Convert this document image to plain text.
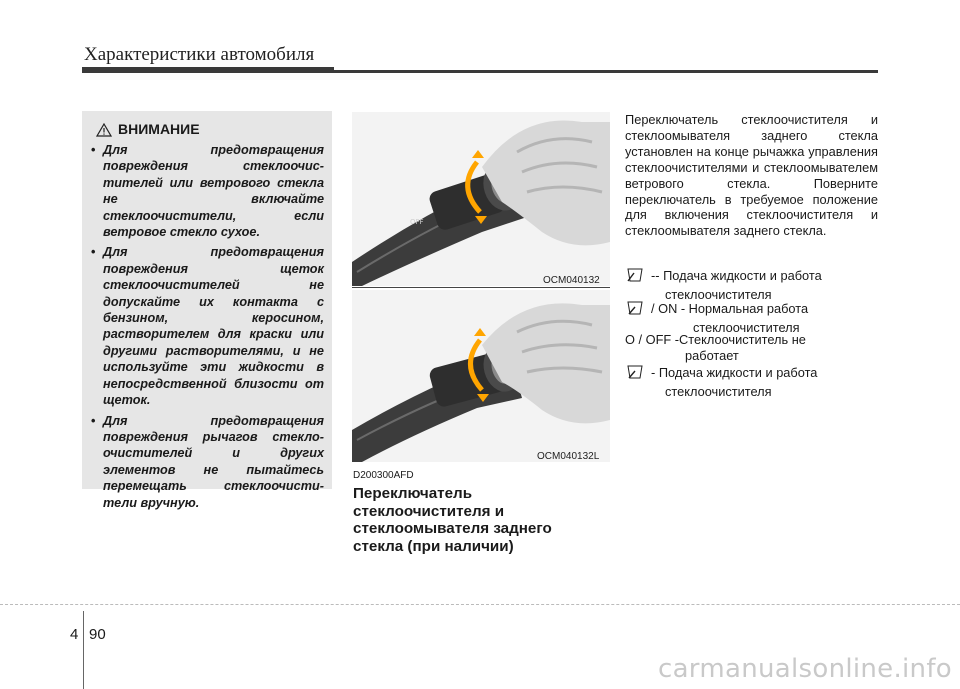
Характеристики автомобиля
ВНИМАНИЕ
• Для предотвращения повреждения стеклоочис-тителей или ветрового стекла не включайте стеклоочистители, если ветровое стекло сухое.
• Для предотвращения повреждения щеток стеклоочистителей не допускайте их контакта с бензином, керосином, растворителем для краски или другими растворителями, и не используйте эти жидкости в непосредственной близости от щеток.
• Для предотвращения повреждения рычагов стекло-очистителей и других элементов не пытайтесь перемещать стеклоочисти-тели вручную.
OFF
OCM040132
OCM040132L
D200300AFD
Переключатель стеклоочистителя и стеклоомывателя заднего стекла (при наличии)
Переключатель стеклоочистителя и стеклоомывателя заднего стекла установлен на конце рычажка управления стеклоочистителями и стеклоомывателем ветрового стекла. Поверните переключатель в требуемое положение для включения стеклоочистителя и стеклоомывателя заднего стекла.
-- Подача жидкости и работа
стеклоочистителя
/ ON - Нормальная работа
стеклоочистителя
O / OFF -Стеклоочиститель не
работает
- Подача жидкости и работа
стеклоочистителя
4 90
carmanualsonline.info
